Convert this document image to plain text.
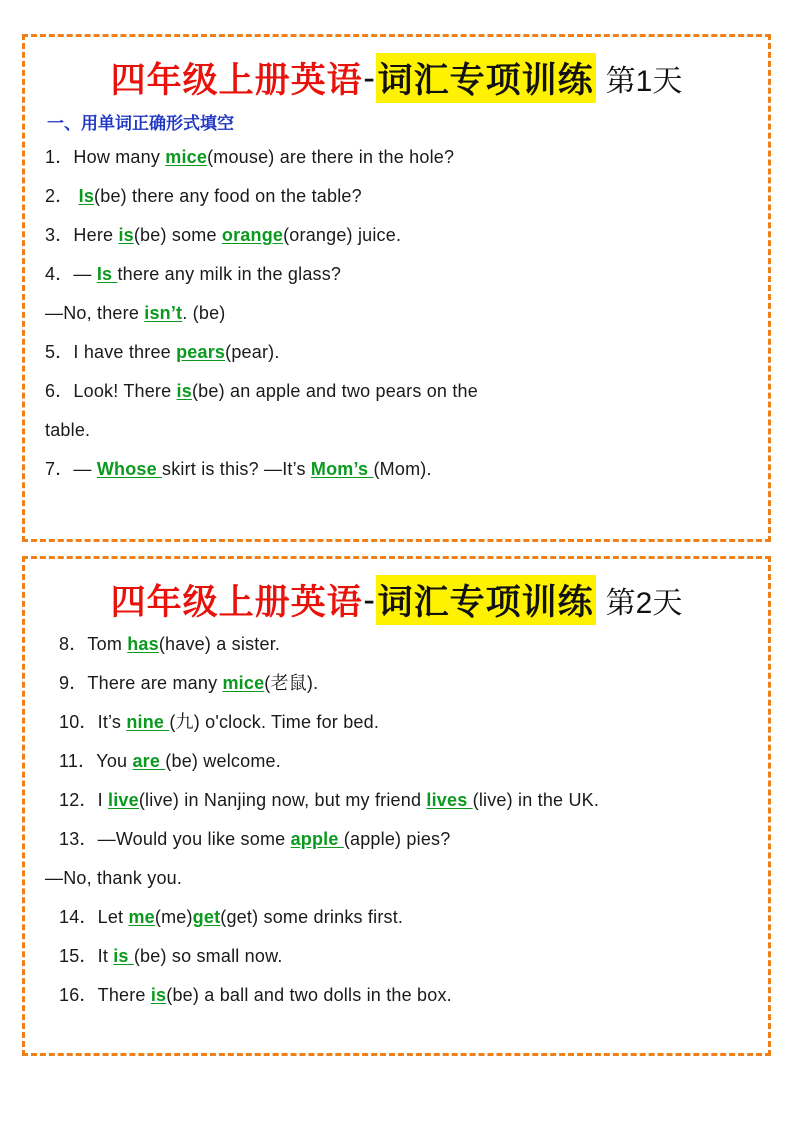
四年级上册英语 - 词汇专项训练 第1天
一、用单词正确形式填空

1．How many mice(mouse) are there in the hole?

2． Is(be) there any food on the table?

3．Here is(be) some orange(orange) juice.

4．— Is there any milk in the glass?

—No, there isn’t. (be)

5．I have three pears(pear).

6．Look! There is(be) an apple and two pears on the

table.

7．— Whose skirt is this? —It’s Mom’s (Mom).

四年级上册英语 - 词汇专项训练 第2天

8．Tom has(have) a sister.

9．There are many mice(老鼠).

10．It’s nine (九) o'clock. Time for bed.

11．You are (be) welcome.

12．I live(live) in Nanjing now, but my friend lives (live) in the UK.

13．—Would you like some apple (apple) pies?

—No, thank you.

14．Let me(me)get(get) some drinks first.

15．It is (be) so small now.

16．There is(be) a ball and two dolls in the box.
